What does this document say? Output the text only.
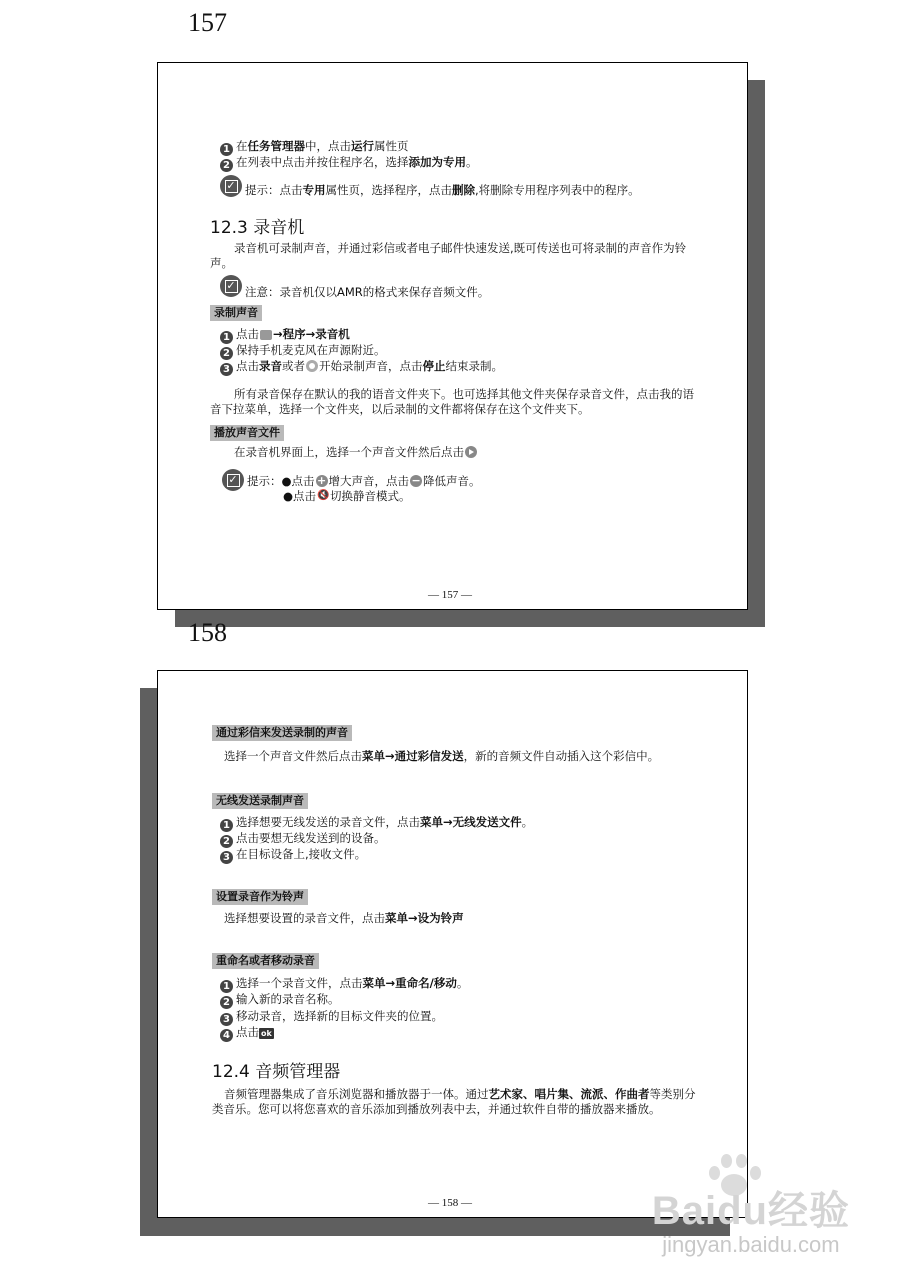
157
1 在任务管理器中，点击运行属性页
2 在列表中点击并按住程序名，选择添加为专用。
✓ 提示：点击专用属性页，选择程序，点击删除,将删除专用程序列表中的程序。
12.3 录音机
录音机可录制声音，并通过彩信或者电子邮件快速发送,既可传送也可将录制的声音作为铃声。
✓ 注意：录音机仅以AMR的格式来保存音频文件。
录制声音
1 点击 →程序→录音机
2 保持手机麦克风在声源附近。
3 点击录音或者 开始录制声音，点击停止结束录制。
所有录音保存在默认的我的语音文件夹下。也可选择其他文件夹保存录音文件，点击我的语音下拉菜单，选择一个文件夹，以后录制的文件都将保存在这个文件夹下。
播放声音文件
在录音机界面上，选择一个声音文件然后点击
✓ 提示：●点击 + 增大声音，点击 − 降低声音。
●点击 🔇 切换静音模式。
— 157 —
158
通过彩信来发送录制的声音
选择一个声音文件然后点击菜单→通过彩信发送，新的音频文件自动插入这个彩信中。
无线发送录制声音
1 选择想要无线发送的录音文件，点击菜单→无线发送文件。
2 点击要想无线发送到的设备。
3 在目标设备上,接收文件。
设置录音作为铃声
选择想要设置的录音文件，点击菜单→设为铃声
重命名或者移动录音
1 选择一个录音文件，点击菜单→重命名/移动。
2 输入新的录音名称。
3 移动录音，选择新的目标文件夹的位置。
4 点击 ok
12.4 音频管理器
音频管理器集成了音乐浏览器和播放器于一体。通过艺术家、唱片集、流派、作曲者等类别分类音乐。您可以将您喜欢的音乐添加到播放列表中去，并通过软件自带的播放器来播放。
— 158 —	Baidu经验
jingyan.baidu.com
